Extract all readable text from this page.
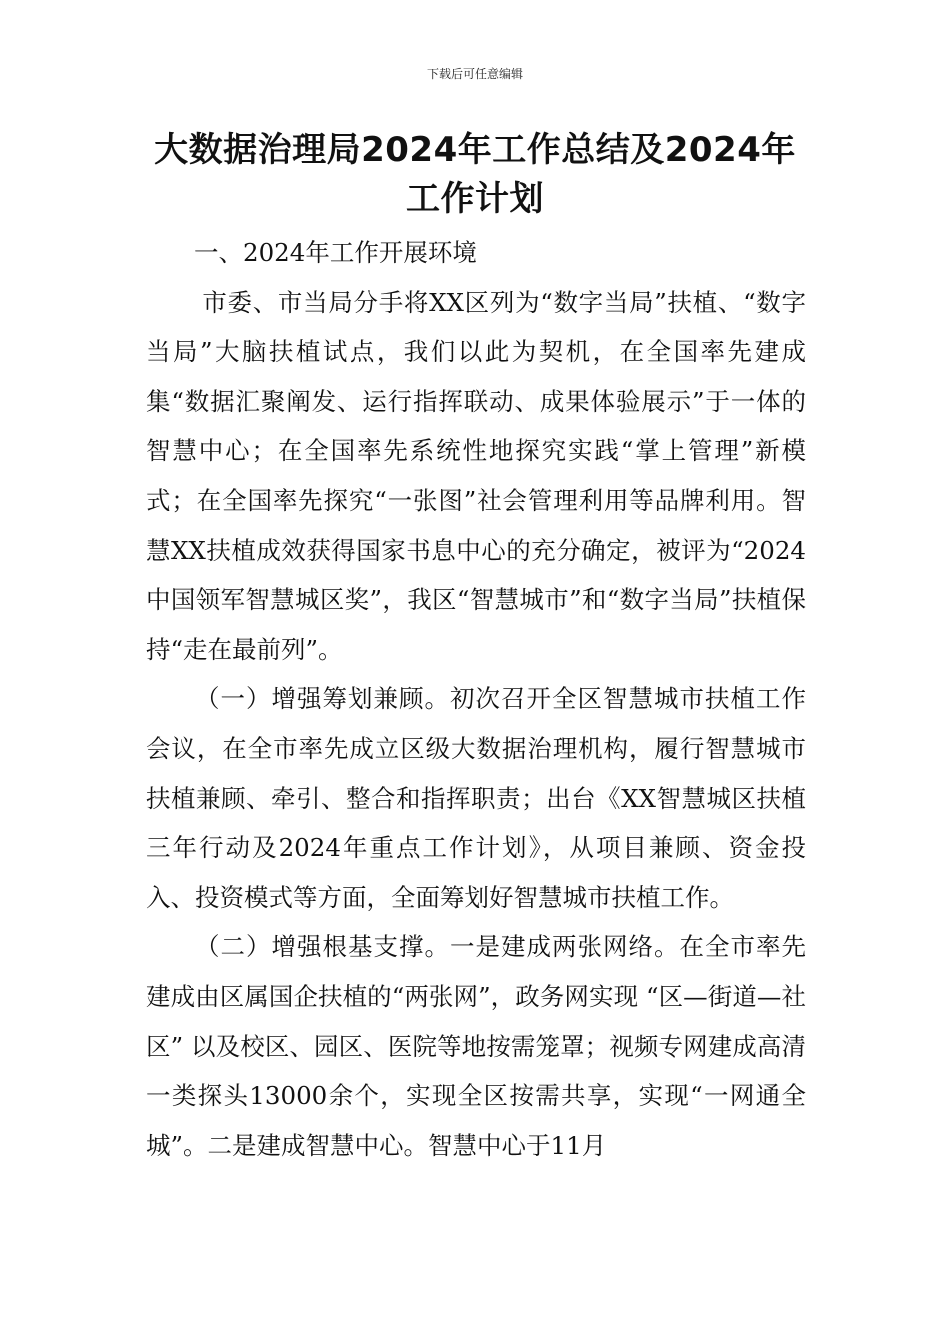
下载后可任意编辑
大数据治理局2024年工作总结及2024年工作计划
一、2024年工作开展环境

市委、市当局分手将XX区列为“数字当局”扶植、“数字当局”大脑扶植试点，我们以此为契机，在全国率先建成集“数据汇聚阐发、运行指挥联动、成果体验展示”于一体的智慧中心；在全国率先系统性地探究实践“掌上管理”新模式；在全国率先探究“一张图”社会管理利用等品牌利用。智慧XX扶植成效获得国家书息中心的充分确定，被评为“2024中国领军智慧城区奖”，我区“智慧城市”和“数字当局”扶植保持“走在最前列”。

（一）增强筹划兼顾。初次召开全区智慧城市扶植工作会议，在全市率先成立区级大数据治理机构，履行智慧城市扶植兼顾、牵引、整合和指挥职责；出台《XX智慧城区扶植三年行动及2024年重点工作计划》，从项目兼顾、资金投入、投资模式等方面，全面筹划好智慧城市扶植工作。

（二）增强根基支撑。一是建成两张网络。在全市率先建成由区属国企扶植的“两张网”，政务网实现 “区—街道—社区” 以及校区、园区、医院等地按需笼罩；视频专网建成高清一类探头13000余个，实现全区按需共享，实现“一网通全城”。二是建成智慧中心。智慧中心于11月
